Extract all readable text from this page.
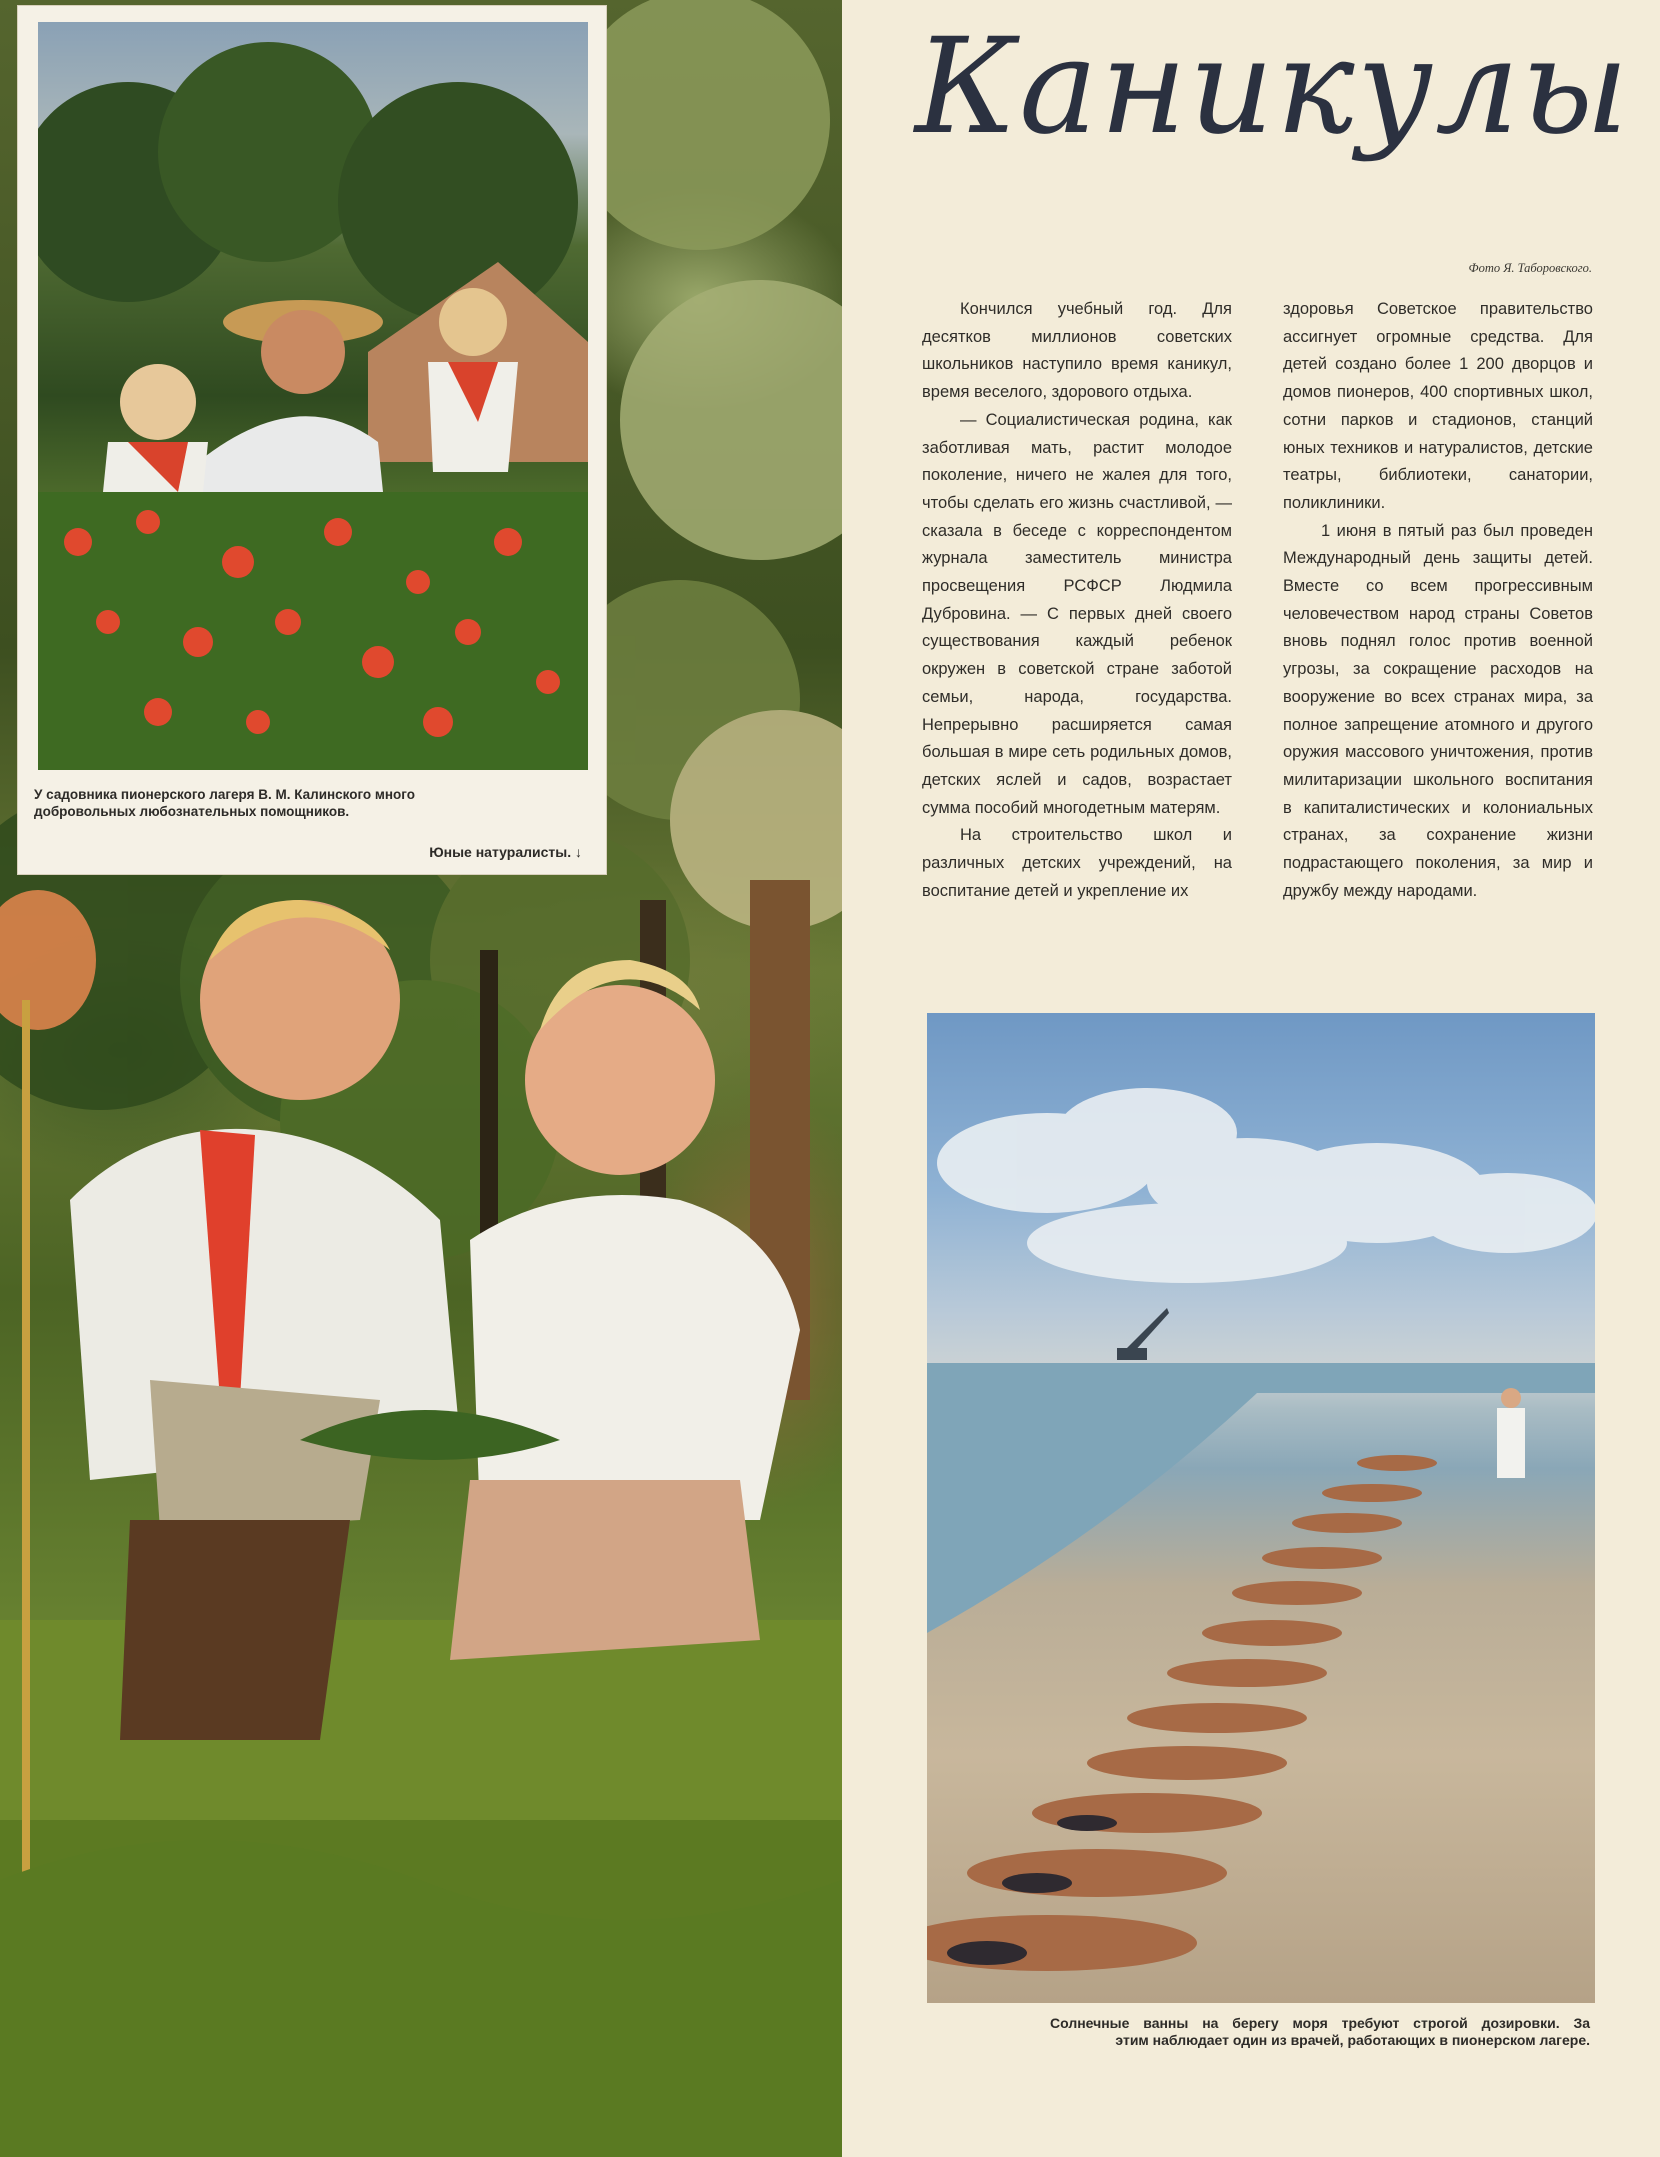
У садовника пионерского лагеря В. М. Калинского много добровольных любознательных помощников.
Юные натуралисты. ↓
Каникулы
Фото Я. Таборовского.

Кончился учебный год. Для десятков миллионов советских школьников наступило время каникул, время веселого, здорового отдыха.

— Социалистическая родина, как заботливая мать, растит молодое поколение, ничего не жалея для того, чтобы сделать его жизнь счастливой, — сказала в беседе с корреспондентом журнала заместитель министра просвещения РСФСР Людмила Дубровина. — С первых дней своего существования каждый ребенок окружен в советской стране заботой семьи, народа, государства. Непрерывно расширяется самая большая в мире сеть родильных домов, детских яслей и садов, возрастает сумма пособий многодетным матерям.

На строительство школ и различных детских учреждений, на воспитание детей и укрепление их

здоровья Советское правительство ассигнует огромные средства. Для детей создано более 1 200 дворцов и домов пионеров, 400 спортивных школ, сотни парков и стадионов, станций юных техников и натуралистов, детские театры, библиотеки, санатории, поликлиники.

1 июня в пятый раз был проведен Международный день защиты детей. Вместе со всем прогрессивным человечеством народ страны Советов вновь поднял голос против военной угрозы, за сокращение расходов на вооружение во всех странах мира, за полное запрещение атомного и другого оружия массового уничтожения, против милитаризации школьного воспитания в капиталистических и колониальных странах, за сохранение жизни подрастающего поколения, за мир и дружбу между народами.

Солнечные ванны на берегу моря требуют строгой дозировки. За
этим наблюдает один из врачей, работающих в пионерском лагере.
